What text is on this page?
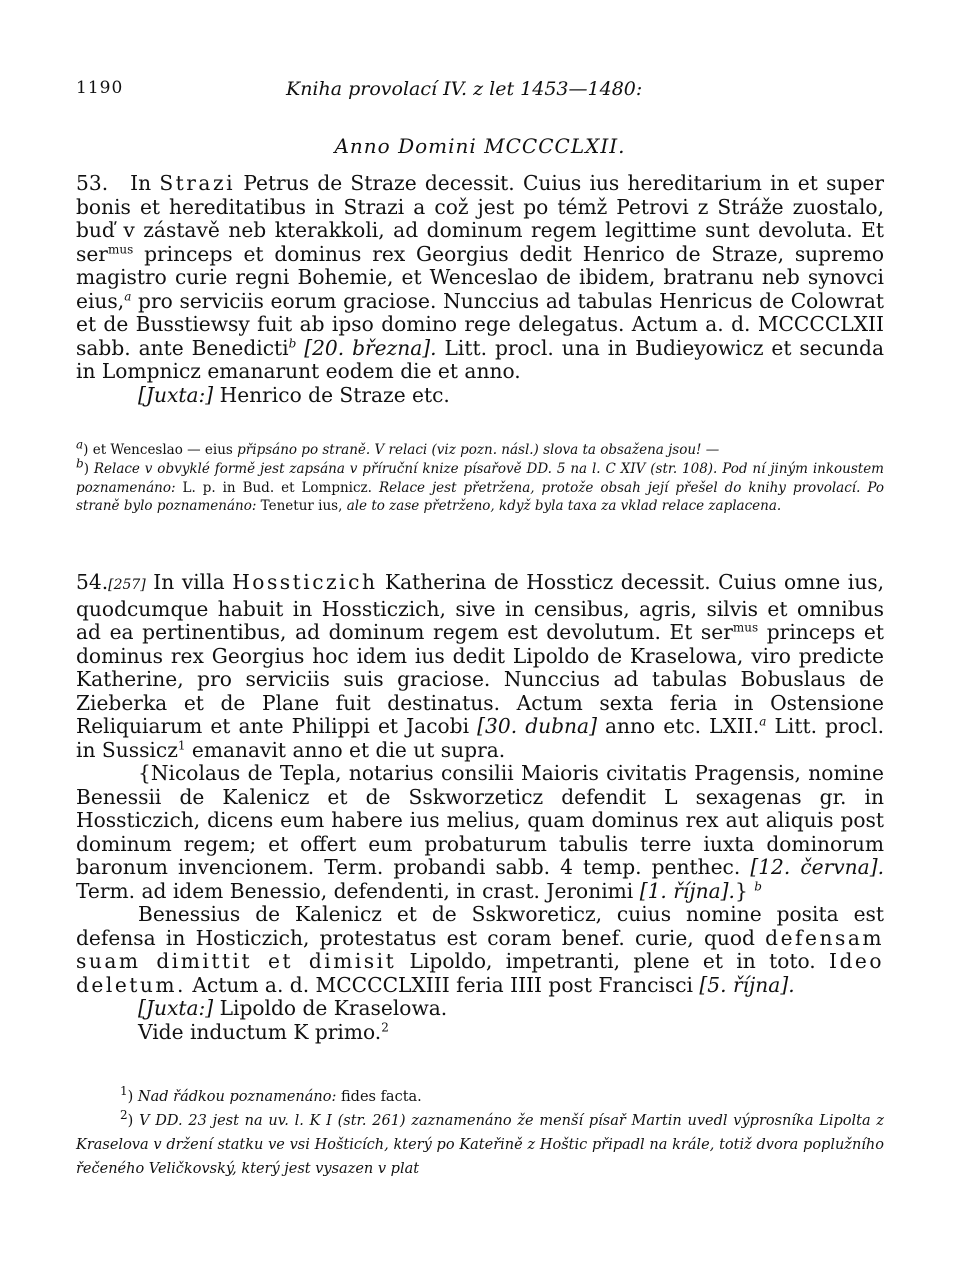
1190	Kniha provolací IV. z let 1453—1480:
Anno Domini MCCCCLXII.

53. In Strazi Petrus de Straze decessit. Cuius ius hereditarium in et super bonis et hereditatibus in Strazi a což jest po témž Petrovi z Stráže zuostalo, buď v zástavě neb kterakkoli, ad dominum regem legittime sunt devoluta. Et ser$^{mus}$ princeps et dominus rex Georgius dedit Henrico de Straze, supremo magistro curie regni Bohemie, et Wenceslao de ibidem, bratranu neb synovci eius,$^a$ pro serviciis eorum graciose. Nunccius ad tabulas Henricus de Colowrat et de Busstiewsy fuit ab ipso domino rege delegatus. Actum a. d. MCCCCLXII sabb. ante Benedicti$^b$ [20. března]. Litt. procl. una in Budieyowicz et secunda in Lompnicz emanarunt eodem die et anno.

[Juxta:] Henrico de Straze etc.

a) et Wenceslao — eius připsáno po straně. V relaci (viz pozn. násl.) slova ta obsažena jsou! —

b) Relace v obvyklé formě jest zapsána v příruční knize písařově DD. 5 na l. C XIV (str. 108). Pod ní jiným inkoustem poznamenáno: L. p. in Bud. et Lompnicz. Relace jest přetržena, protože obsah její přešel do knihy provolací. Po straně bylo poznamenáno: Tenetur ius, ale to zase přetrženo, když byla taxa za vklad relace zaplacena.

54.[257] In villa Hossticzich Katherina de Hossticz decessit. Cuius omne ius, quodcumque habuit in Hossticzich, sive in censibus, agris, silvis et omnibus ad ea pertinentibus, ad dominum regem est devolutum. Et ser$^{mus}$ princeps et dominus rex Georgius hoc idem ius dedit Lipoldo de Kraselowa, viro predicte Katherine, pro serviciis suis graciose. Nunccius ad tabulas Bobuslaus de Zieberka et de Plane fuit destinatus. Actum sexta feria in Ostensione Reliquiarum et ante Philippi et Jacobi [30. dubna] anno etc. LXII.$^a$ Litt. procl. in Sussicz$^1$ emanavit anno et die ut supra.

{Nicolaus de Tepla, notarius consilii Maioris civitatis Pragensis, nomine Benessii de Kalenicz et de Sskworzeticz defendit L sexagenas gr. in Hossticzich, dicens eum habere ius melius, quam dominus rex aut aliquis post dominum regem; et offert eum probaturum tabulis terre iuxta dominorum baronum invencionem. Term. probandi sabb. 4 temp. penthec. [12. června]. Term. ad idem Benessio, defendenti, in crast. Jeronimi [1. října].} $^b$

Benessius de Kalenicz et de Sskworeticz, cuius nomine posita est defensa in Hosticzich, protestatus est coram benef. curie, quod defensam suam dimittit et dimisit Lipoldo, impetranti, plene et in toto. Ideo deletum. Actum a. d. MCCCCLXIII feria IIII post Francisci [5. října].

[Juxta:] Lipoldo de Kraselowa.

Vide inductum K primo.$^2$

$^1$) Nad řádkou poznamenáno: fides facta.

$^2$) V DD. 23 jest na uv. l. K I (str. 261) zaznamenáno že menší písař Martin uvedl výprosníka Lipolta z Kraselova v držení statku ve vsi Hošticích, který po Kateřině z Hoštic připadl na krále, totiž dvora poplužního řečeného Veličkovský, který jest vysazen v plat
